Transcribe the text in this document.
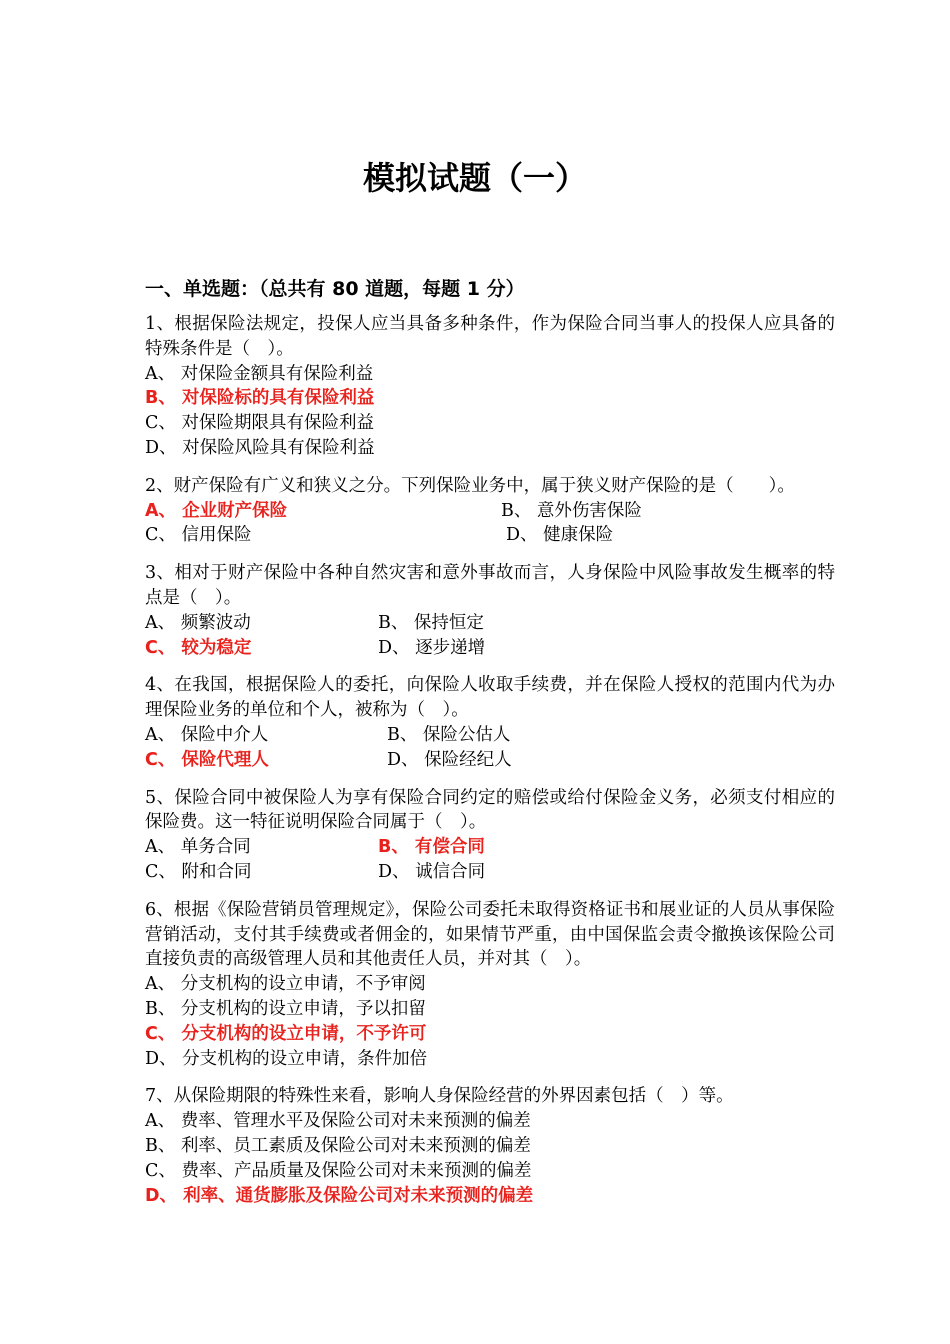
模拟试题（一）
一、单选题：（总共有 80 道题，每题 1 分）
1、根据保险法规定，投保人应当具备多种条件，作为保险合同当事人的投保人应具备的特殊条件是（　）。
A、 对保险金额具有保险利益
B、 对保险标的具有保险利益
C、 对保险期限具有保险利益
D、 对保险风险具有保险利益
2、财产保险有广义和狭义之分。下列保险业务中，属于狭义财产保险的是（　　）。
A、 企业财产保险	B、 意外伤害保险
C、 信用保险	D、 健康保险
3、相对于财产保险中各种自然灾害和意外事故而言，人身保险中风险事故发生概率的特点是（　）。
A、 频繁波动	B、 保持恒定
C、 较为稳定	D、 逐步递增
4、在我国，根据保险人的委托，向保险人收取手续费，并在保险人授权的范围内代为办理保险业务的单位和个人，被称为（　）。
A、 保险中介人	B、 保险公估人
C、 保险代理人	D、 保险经纪人
5、保险合同中被保险人为享有保险合同约定的赔偿或给付保险金义务，必须支付相应的保险费。这一特征说明保险合同属于（　）。
A、 单务合同	B、 有偿合同
C、 附和合同	D、 诚信合同
6、根据《保险营销员管理规定》，保险公司委托未取得资格证书和展业证的人员从事保险营销活动，支付其手续费或者佣金的，如果情节严重，由中国保监会责令撤换该保险公司直接负责的高级管理人员和其他责任人员，并对其（　）。
A、 分支机构的设立申请，不予审阅
B、 分支机构的设立申请，予以扣留
C、 分支机构的设立申请，不予许可
D、 分支机构的设立申请，条件加倍
7、从保险期限的特殊性来看，影响人身保险经营的外界因素包括（　）等。
A、 费率、管理水平及保险公司对未来预测的偏差
B、 利率、员工素质及保险公司对未来预测的偏差
C、 费率、产品质量及保险公司对未来预测的偏差
D、 利率、通货膨胀及保险公司对未来预测的偏差
